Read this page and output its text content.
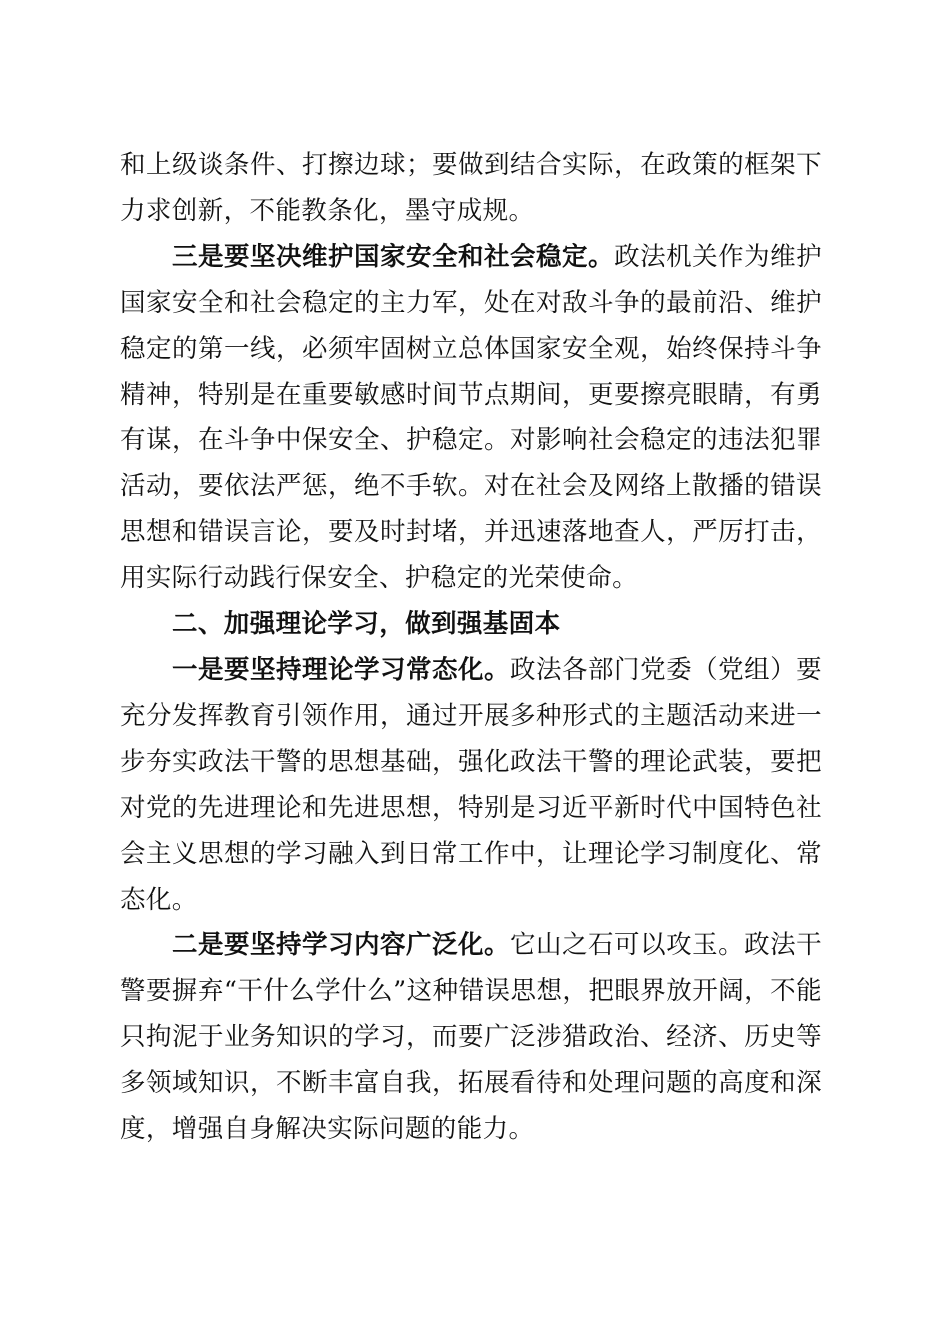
和上级谈条件、打擦边球；要做到结合实际，在政策的框架下力求创新，不能教条化，墨守成规。

三是要坚决维护国家安全和社会稳定。政法机关作为维护国家安全和社会稳定的主力军，处在对敌斗争的最前沿、维护稳定的第一线，必须牢固树立总体国家安全观，始终保持斗争精神，特别是在重要敏感时间节点期间，更要擦亮眼睛，有勇有谋，在斗争中保安全、护稳定。对影响社会稳定的违法犯罪活动，要依法严惩，绝不手软。对在社会及网络上散播的错误思想和错误言论，要及时封堵，并迅速落地查人，严厉打击，用实际行动践行保安全、护稳定的光荣使命。

二、加强理论学习，做到强基固本

一是要坚持理论学习常态化。政法各部门党委（党组）要充分发挥教育引领作用，通过开展多种形式的主题活动来进一步夯实政法干警的思想基础，强化政法干警的理论武装，要把对党的先进理论和先进思想，特别是习近平新时代中国特色社会主义思想的学习融入到日常工作中，让理论学习制度化、常态化。

二是要坚持学习内容广泛化。它山之石可以攻玉。政法干警要摒弃“干什么学什么”这种错误思想，把眼界放开阔，不能只拘泥于业务知识的学习，而要广泛涉猎政治、经济、历史等多领域知识，不断丰富自我，拓展看待和处理问题的高度和深度，增强自身解决实际问题的能力。
